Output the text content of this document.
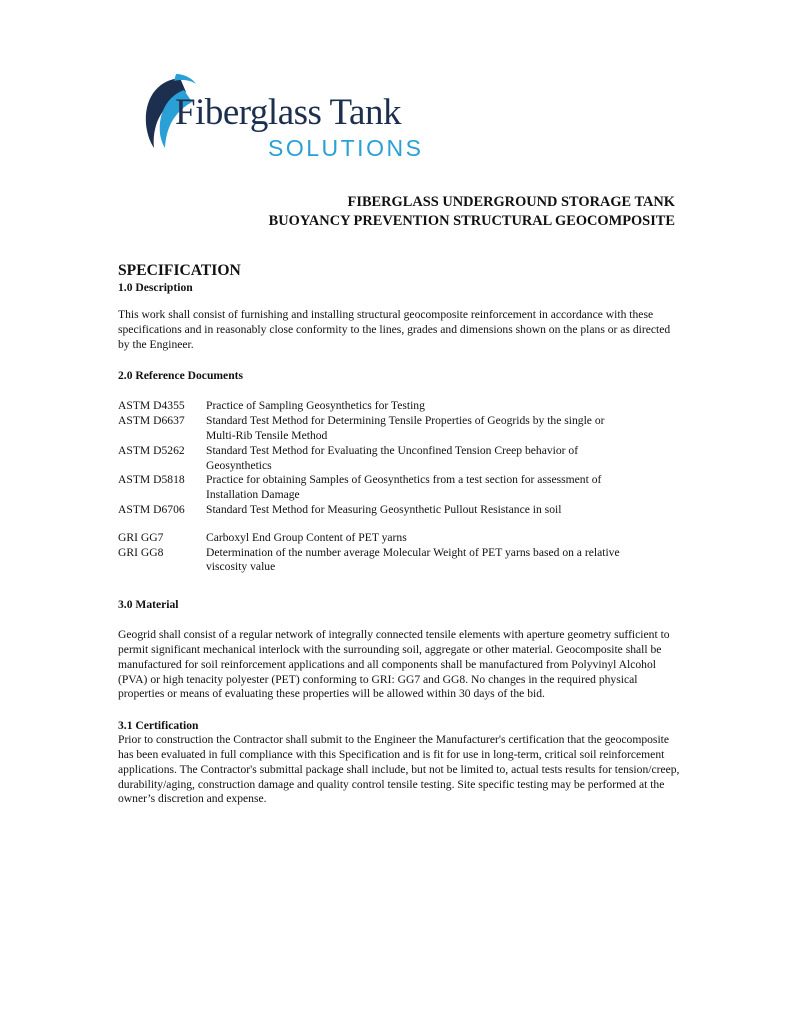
Fiberglass Tank
SOLUTIONS
FIBERGLASS UNDERGROUND STORAGE TANK
BUOYANCY PREVENTION STRUCTURAL GEOCOMPOSITE
SPECIFICATION
1.0 Description

This work shall consist of furnishing and installing structural geocomposite reinforcement in accordance with these specifications and in reasonably close conformity to the lines, grades and dimensions shown on the plans or as directed by the Engineer.

2.0 Reference Documents
ASTM D4355	Practice of Sampling Geosynthetics for Testing
ASTM D6637	Standard Test Method for Determining Tensile Properties of Geogrids by the single or Multi-Rib Tensile Method
ASTM D5262	Standard Test Method for Evaluating the Unconfined Tension Creep behavior of Geosynthetics
ASTM D5818	Practice for obtaining Samples of Geosynthetics from a test section for assessment of Installation Damage
ASTM D6706	Standard Test Method for Measuring Geosynthetic Pullout Resistance in soil
GRI GG7	Carboxyl End Group Content of PET yarns
GRI GG8	Determination of the number average Molecular Weight of PET yarns based on a relative viscosity value
3.0 Material

Geogrid shall consist of a regular network of integrally connected tensile elements with aperture geometry sufficient to permit significant mechanical interlock with the surrounding soil, aggregate or other material. Geocomposite shall be manufactured for soil reinforcement applications and all components shall be manufactured from Polyvinyl Alcohol (PVA) or high tenacity polyester (PET) conforming to GRI: GG7 and GG8. No changes in the required physical properties or means of evaluating these properties will be allowed within 30 days of the bid.

3.1 Certification

Prior to construction the Contractor shall submit to the Engineer the Manufacturer's certification that the geocomposite has been evaluated in full compliance with this Specification and is fit for use in long-term, critical soil reinforcement applications. The Contractor's submittal package shall include, but not be limited to, actual tests results for tension/creep, durability/aging, construction damage and quality control tensile testing. Site specific testing may be performed at the owner’s discretion and expense.
